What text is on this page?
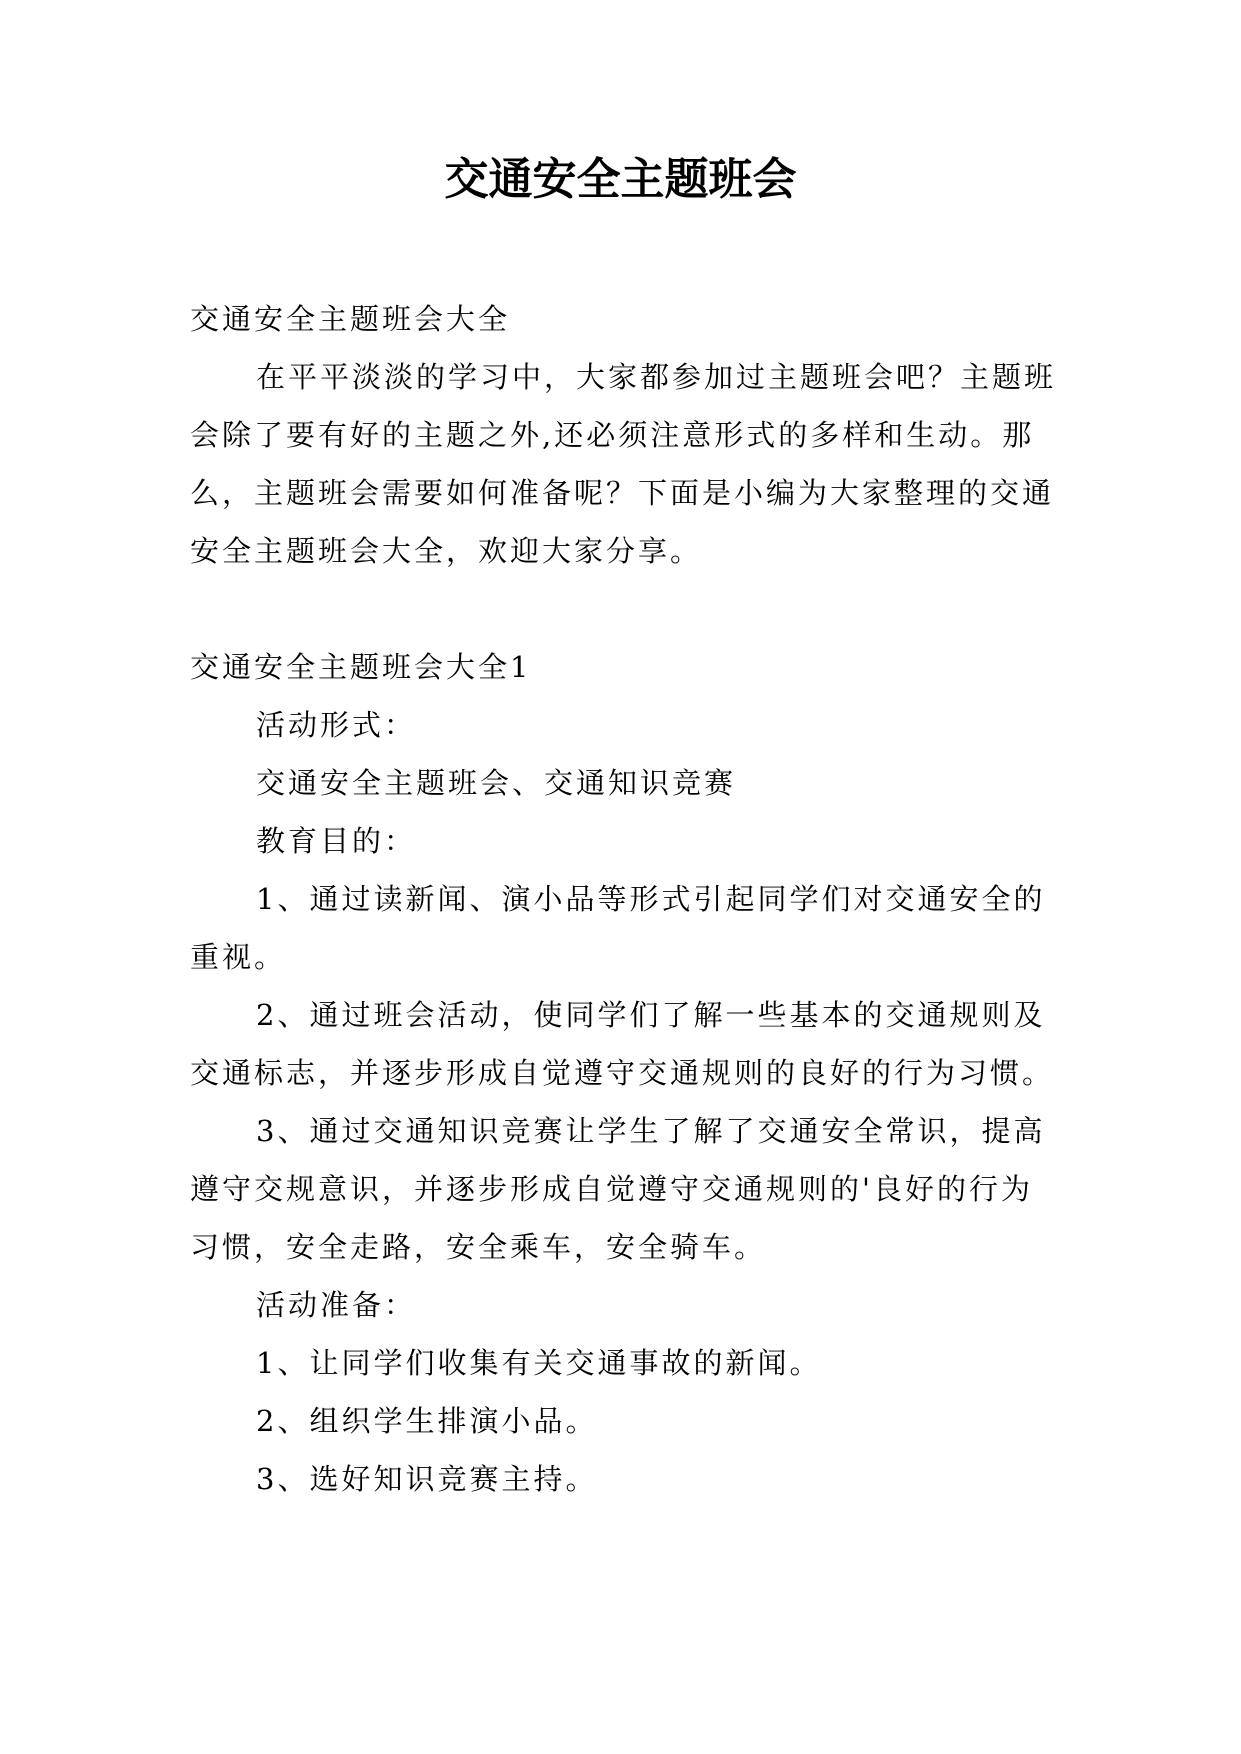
交通安全主题班会

交通安全主题班会大全

在平平淡淡的学习中，大家都参加过主题班会吧？主题班会除了要有好的主题之外,还必须注意形式的多样和生动。那么，主题班会需要如何准备呢？下面是小编为大家整理的交通安全主题班会大全，欢迎大家分享。

交通安全主题班会大全1

活动形式：

交通安全主题班会、交通知识竞赛

教育目的：

1、通过读新闻、演小品等形式引起同学们对交通安全的重视。

2、通过班会活动，使同学们了解一些基本的交通规则及交通标志，并逐步形成自觉遵守交通规则的良好的行为习惯。

3、通过交通知识竞赛让学生了解了交通安全常识，提高遵守交规意识，并逐步形成自觉遵守交通规则的'良好的行为习惯，安全走路，安全乘车，安全骑车。

活动准备：

1、让同学们收集有关交通事故的新闻。

2、组织学生排演小品。

3、选好知识竞赛主持。
